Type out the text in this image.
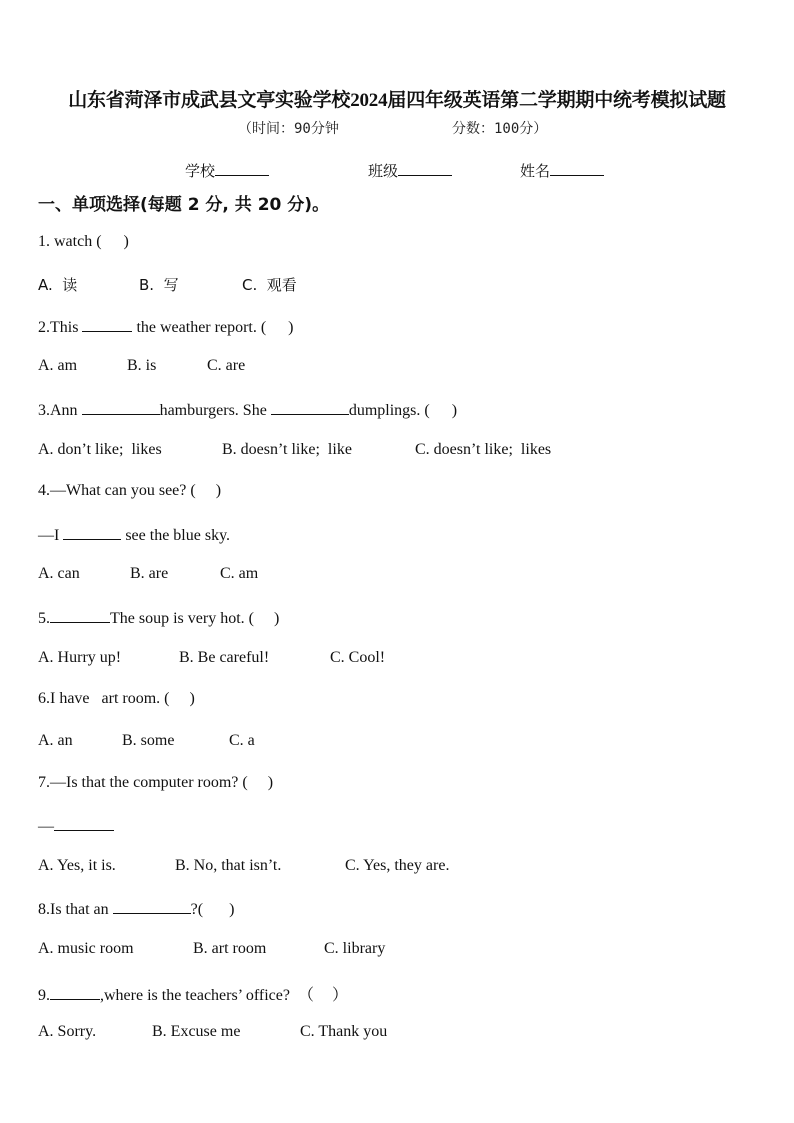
山东省菏泽市成武县文亭实验学校2024届四年级英语第二学期期中统考模拟试题
（时间：90分钟	分数：100分）
学校	班级	姓名
一、单项选择(每题 2 分, 共 20 分)。
1. watch ( )
A.  读	B.  写	C.  观看
2.This	the weather report. ( )
A. am	B. is	C. are
3.Ann	hamburgers. She	dumplings. ( )
A. don’t like;  likes	B. doesn’t like;  like	C. doesn’t like;  likes
4.—What can you see? ( )
—I	see the blue sky.
A. can	B. are	C. am
5.	The soup is very hot. ( )
A. Hurry up!	B. Be careful!	C. Cool!
6.I have   art room. ( )
A. an	B. some	C. a
7.—Is that the computer room? ( )
—
A. Yes, it is.	B. No, that isn’t.	C. Yes, they are.
8.Is that an	?( )
A. music room	B. art room	C. library
9.	,where is the teachers’ office?  （ ）
A. Sorry.	B. Excuse me	C. Thank you
